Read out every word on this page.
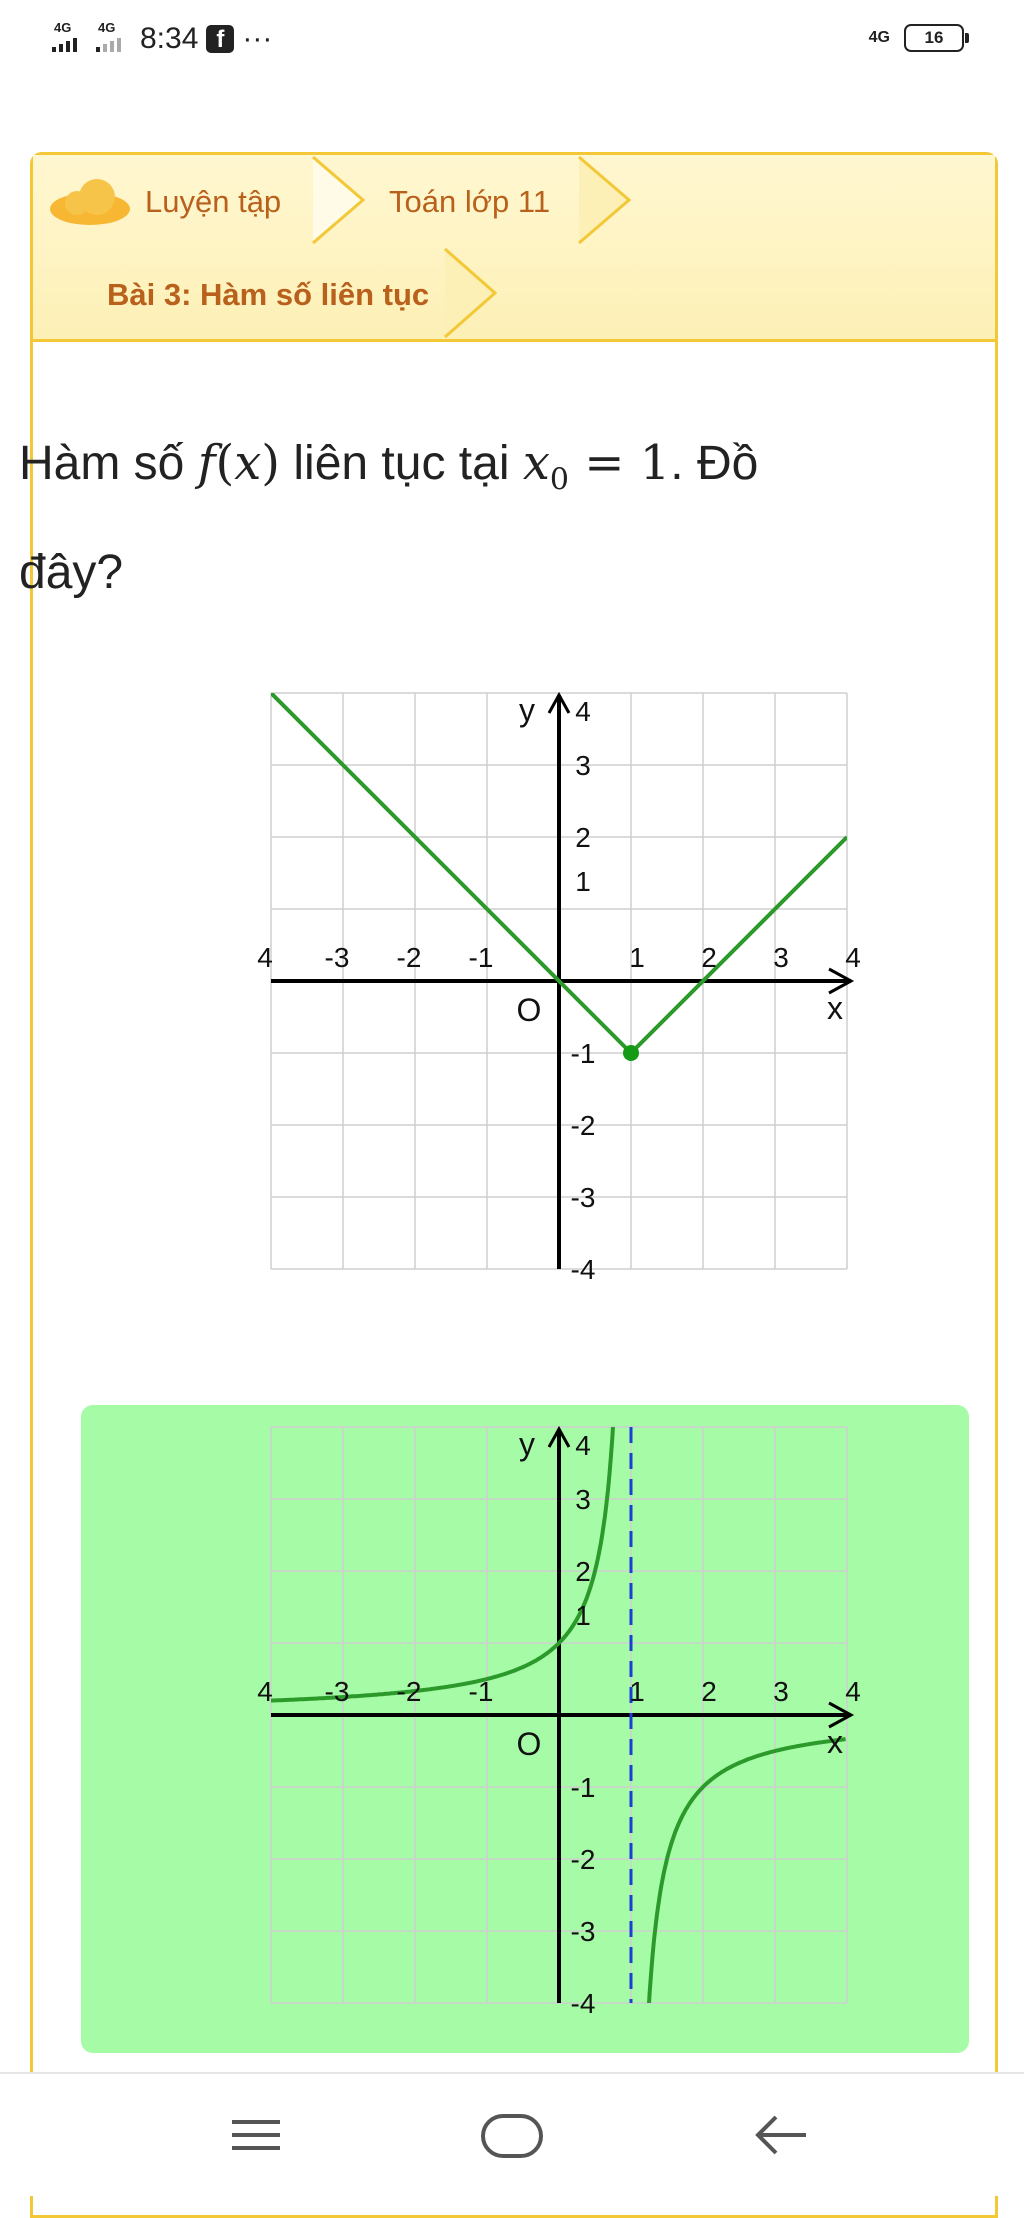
4G 4G 8:34 f ···	4G	16
Luyện tập	Toán lớp 11
Bài 3: Hàm số liên tục
Hàm số f(x) liên tục tại $x_0 = 1$. Đồ
đây?
4 -3 -2 -1	1 2 3 4
4
3
2
1
-1
-2
-3
-4
O	x
y
4 -3 -2 -1	1 2 3 4
4
3
2
1
-1
-2
-3
-4
O	x
y
